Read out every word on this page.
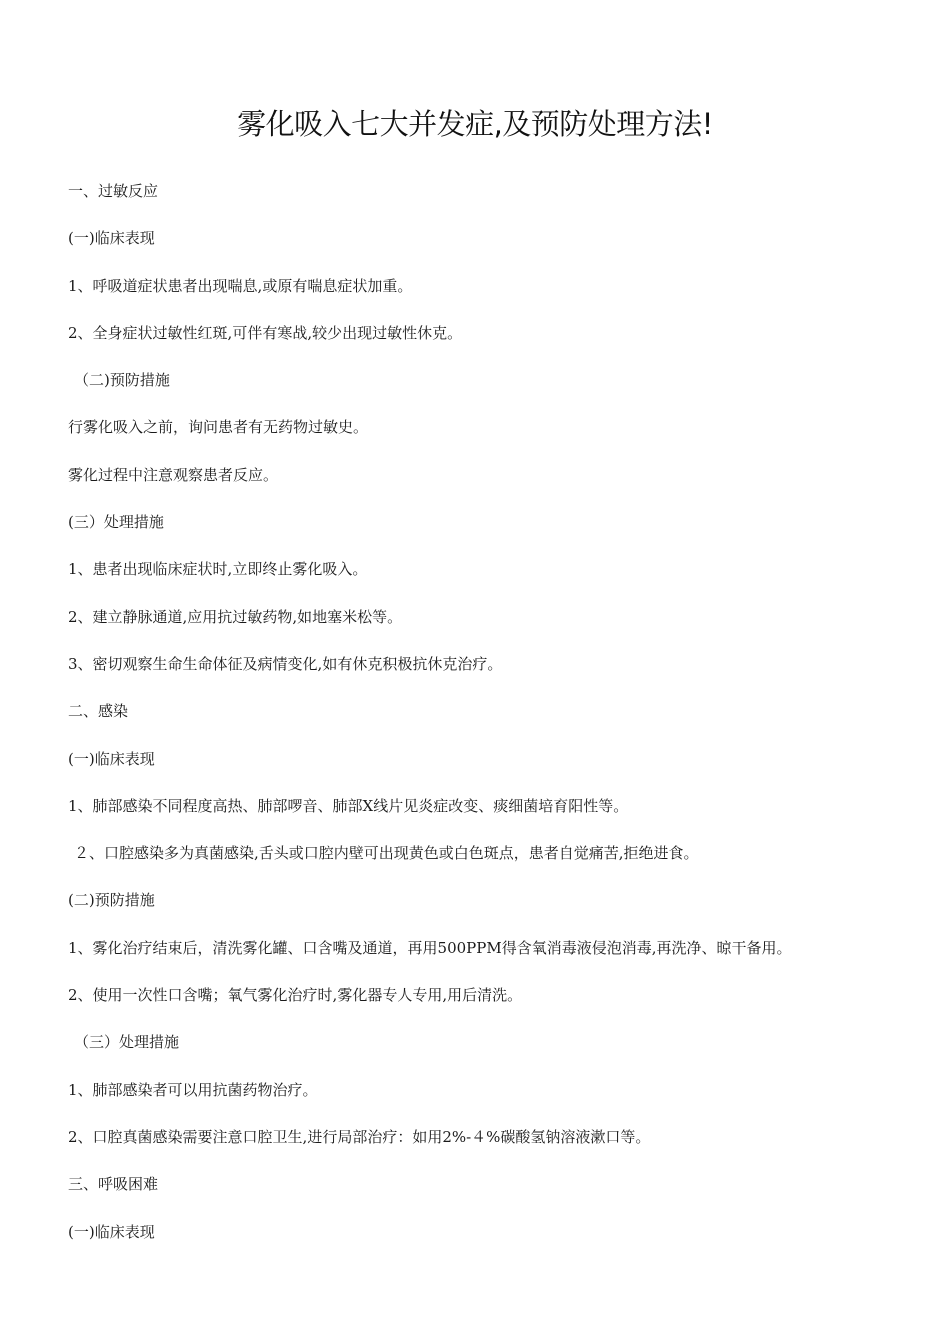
雾化吸入七大并发症,及预防处理方法!
一、过敏反应
(一)临床表现
1、呼吸道症状患者出现喘息,或原有喘息症状加重。
2、全身症状过敏性红斑,可伴有寒战,较少出现过敏性休克。
（二)预防措施
行雾化吸入之前，询问患者有无药物过敏史。
雾化过程中注意观察患者反应。
(三）处理措施
1、患者出现临床症状时,立即终止雾化吸入。
2、建立静脉通道,应用抗过敏药物,如地塞米松等。
3、密切观察生命生命体征及病情变化,如有休克积极抗休克治疗。
二、感染
(一)临床表现
1、肺部感染不同程度高热、肺部啰音、肺部X线片见炎症改变、痰细菌培育阳性等。
２、口腔感染多为真菌感染,舌头或口腔内壁可出现黄色或白色斑点，患者自觉痛苦,拒绝进食。
(二)预防措施
1、雾化治疗结束后，清洗雾化罐、口含嘴及通道，再用500PPM得含氧消毒液侵泡消毒,再洗净、晾干备用。
2、使用一次性口含嘴；氧气雾化治疗时,雾化器专人专用,用后清洗。
（三）处理措施
1、肺部感染者可以用抗菌药物治疗。
2、口腔真菌感染需要注意口腔卫生,进行局部治疗：如用2%-４%碳酸氢钠溶液漱口等。
三、呼吸困难
(一)临床表现
